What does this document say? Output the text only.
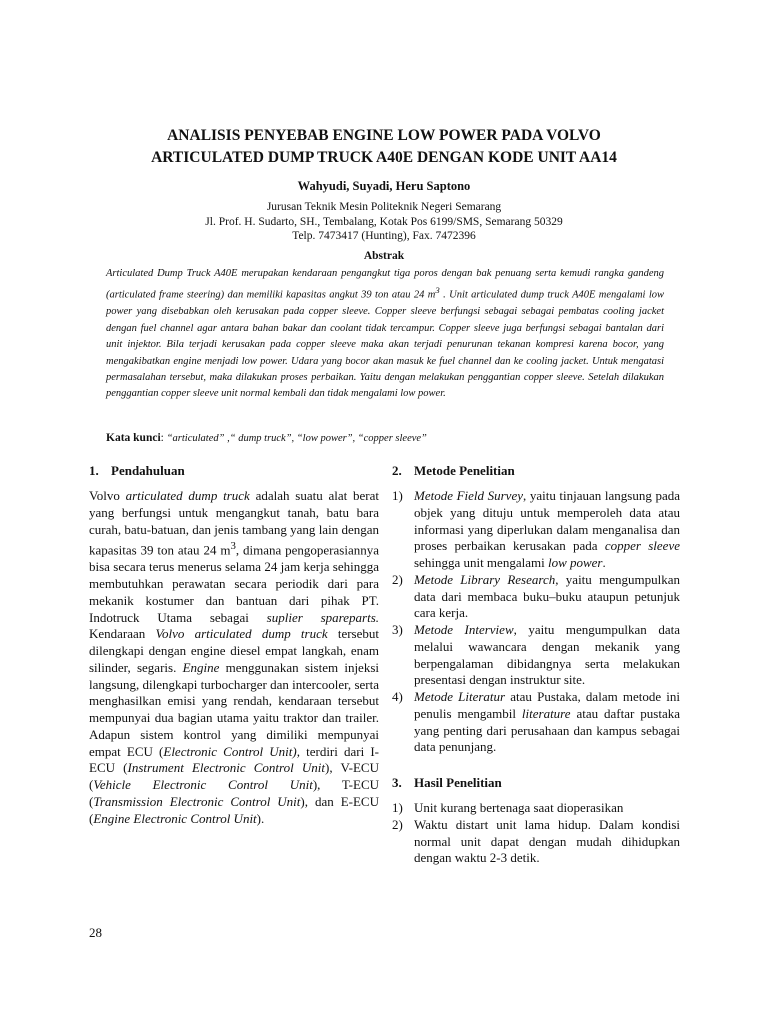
ANALISIS PENYEBAB ENGINE LOW POWER PADA VOLVO
ARTICULATED DUMP TRUCK A40E DENGAN KODE UNIT AA14

Wahyudi, Suyadi, Heru Saptono

Jurusan Teknik Mesin Politeknik Negeri Semarang
Jl. Prof. H. Sudarto, SH., Tembalang, Kotak Pos 6199/SMS, Semarang 50329
Telp. 7473417 (Hunting), Fax. 7472396

Abstrak

Articulated Dump Truck A40E merupakan kendaraan pengangkut tiga poros dengan bak penuang serta kemudi rangka gandeng (articulated frame steering) dan memiliki kapasitas angkut 39 ton atau 24 $m^3$ . Unit articulated dump truck A40E mengalami low power yang disebabkan oleh kerusakan pada copper sleeve. Copper sleeve berfungsi sebagai sebagai pembatas cooling jacket dengan fuel channel agar antara bahan bakar dan coolant tidak tercampur. Copper sleeve juga berfungsi sebagai bantalan dari unit injektor. Bila terjadi kerusakan pada copper sleeve maka akan terjadi penurunan tekanan kompresi karena bocor, yang mengakibatkan engine menjadi low power. Udara yang bocor akan masuk ke fuel channel dan ke cooling jacket. Untuk mengatasi permasalahan tersebut, maka dilakukan proses perbaikan. Yaitu dengan melakukan penggantian copper sleeve. Setelah dilakukan penggantian copper sleeve unit normal kembali dan tidak mengalami low power.

Kata kunci: “articulated” ,“ dump truck”, “low power”, “copper sleeve”

1. Pendahuluan

Volvo articulated dump truck adalah suatu alat berat yang berfungsi untuk mengangkut tanah, batu bara curah, batu-batuan, dan jenis tambang yang lain dengan kapasitas 39 ton atau 24 $m^3$, dimana pengoperasiannya bisa secara terus menerus selama 24 jam kerja sehingga membutuhkan perawatan secara periodik dari para mekanik kostumer dan bantuan dari pihak PT. Indotruck Utama sebagai suplier spareparts. Kendaraan Volvo articulated dump truck tersebut dilengkapi dengan engine diesel empat langkah, enam silinder, segaris. Engine menggunakan sistem injeksi langsung, dilengkapi turbocharger dan intercooler, serta menghasilkan emisi yang rendah, kendaraan tersebut mempunyai dua bagian utama yaitu traktor dan trailer. Adapun sistem kontrol yang dimiliki mempunyai empat ECU (Electronic Control Unit), terdiri dari I-ECU (Instrument Electronic Control Unit), V-ECU (Vehicle Electronic Control Unit), T-ECU (Transmission Electronic Control Unit), dan E-ECU (Engine Electronic Control Unit).

2. Metode Penelitian
1) Metode Field Survey, yaitu tinjauan langsung pada objek yang dituju untuk memperoleh data atau informasi yang diperlukan dalam menganalisa dan proses perbaikan kerusakan pada copper sleeve sehingga unit mengalami low power.
2) Metode Library Research, yaitu mengumpulkan data dari membaca buku–buku ataupun petunjuk cara kerja.
3) Metode Interview, yaitu mengumpulkan data melalui wawancara dengan mekanik yang berpengalaman dibidangnya serta melakukan presentasi dengan instruktur site.
4) Metode Literatur atau Pustaka, dalam metode ini penulis mengambil literature atau daftar pustaka yang penting dari perusahaan dan kampus sebagai data penunjang.
3. Hasil Penelitian
1) Unit kurang bertenaga saat dioperasikan
2) Waktu distart unit lama hidup. Dalam kondisi normal unit dapat dengan mudah dihidupkan dengan waktu 2-3 detik.

28
